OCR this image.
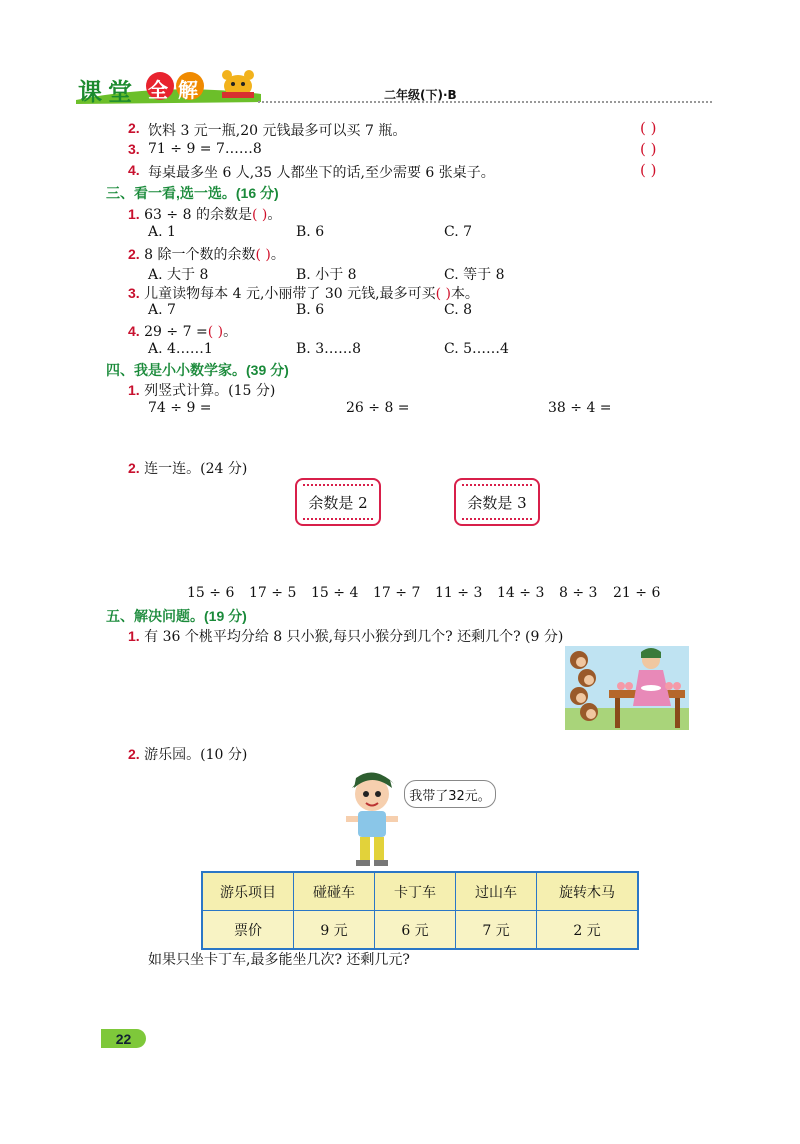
课 堂 全 解	二年级(下)·B
2. 饮料 3 元一瓶,20 元钱最多可以买 7 瓶。	( )
3. 71 ÷ 9 = 7……8	( )
4. 每桌最多坐 6 人,35 人都坐下的话,至少需要 6 张桌子。	( )
三、看一看,选一选。(16 分)
1. 63 ÷ 8 的余数是( )。
A. 1	B. 6	C. 7
2. 8 除一个数的余数( )。
A. 大于 8	B. 小于 8	C. 等于 8
3. 儿童读物每本 4 元,小丽带了 30 元钱,最多可买( )本。
A. 7	B. 6	C. 8
4. 29 ÷ 7 =( )。
A. 4……1	B. 3……8	C. 5……4
四、我是小小数学家。(39 分)
1. 列竖式计算。(15 分)
74 ÷ 9 =	26 ÷ 8 =	38 ÷ 4 =
2. 连一连。(24 分)
余数是 2	余数是 3
15 ÷ 6 17 ÷ 5 15 ÷ 4 17 ÷ 7 11 ÷ 3 14 ÷ 3 8 ÷ 3 21 ÷ 6
五、解决问题。(19 分)
1. 有 36 个桃平均分给 8 只小猴,每只小猴分到几个? 还剩几个? (9 分)
2. 游乐园。(10 分)
我带了32元。
游乐项目	碰碰车	卡丁车	过山车	旋转木马
票价	9 元	6 元	7 元	2 元
如果只坐卡丁车,最多能坐几次? 还剩几元?
22
